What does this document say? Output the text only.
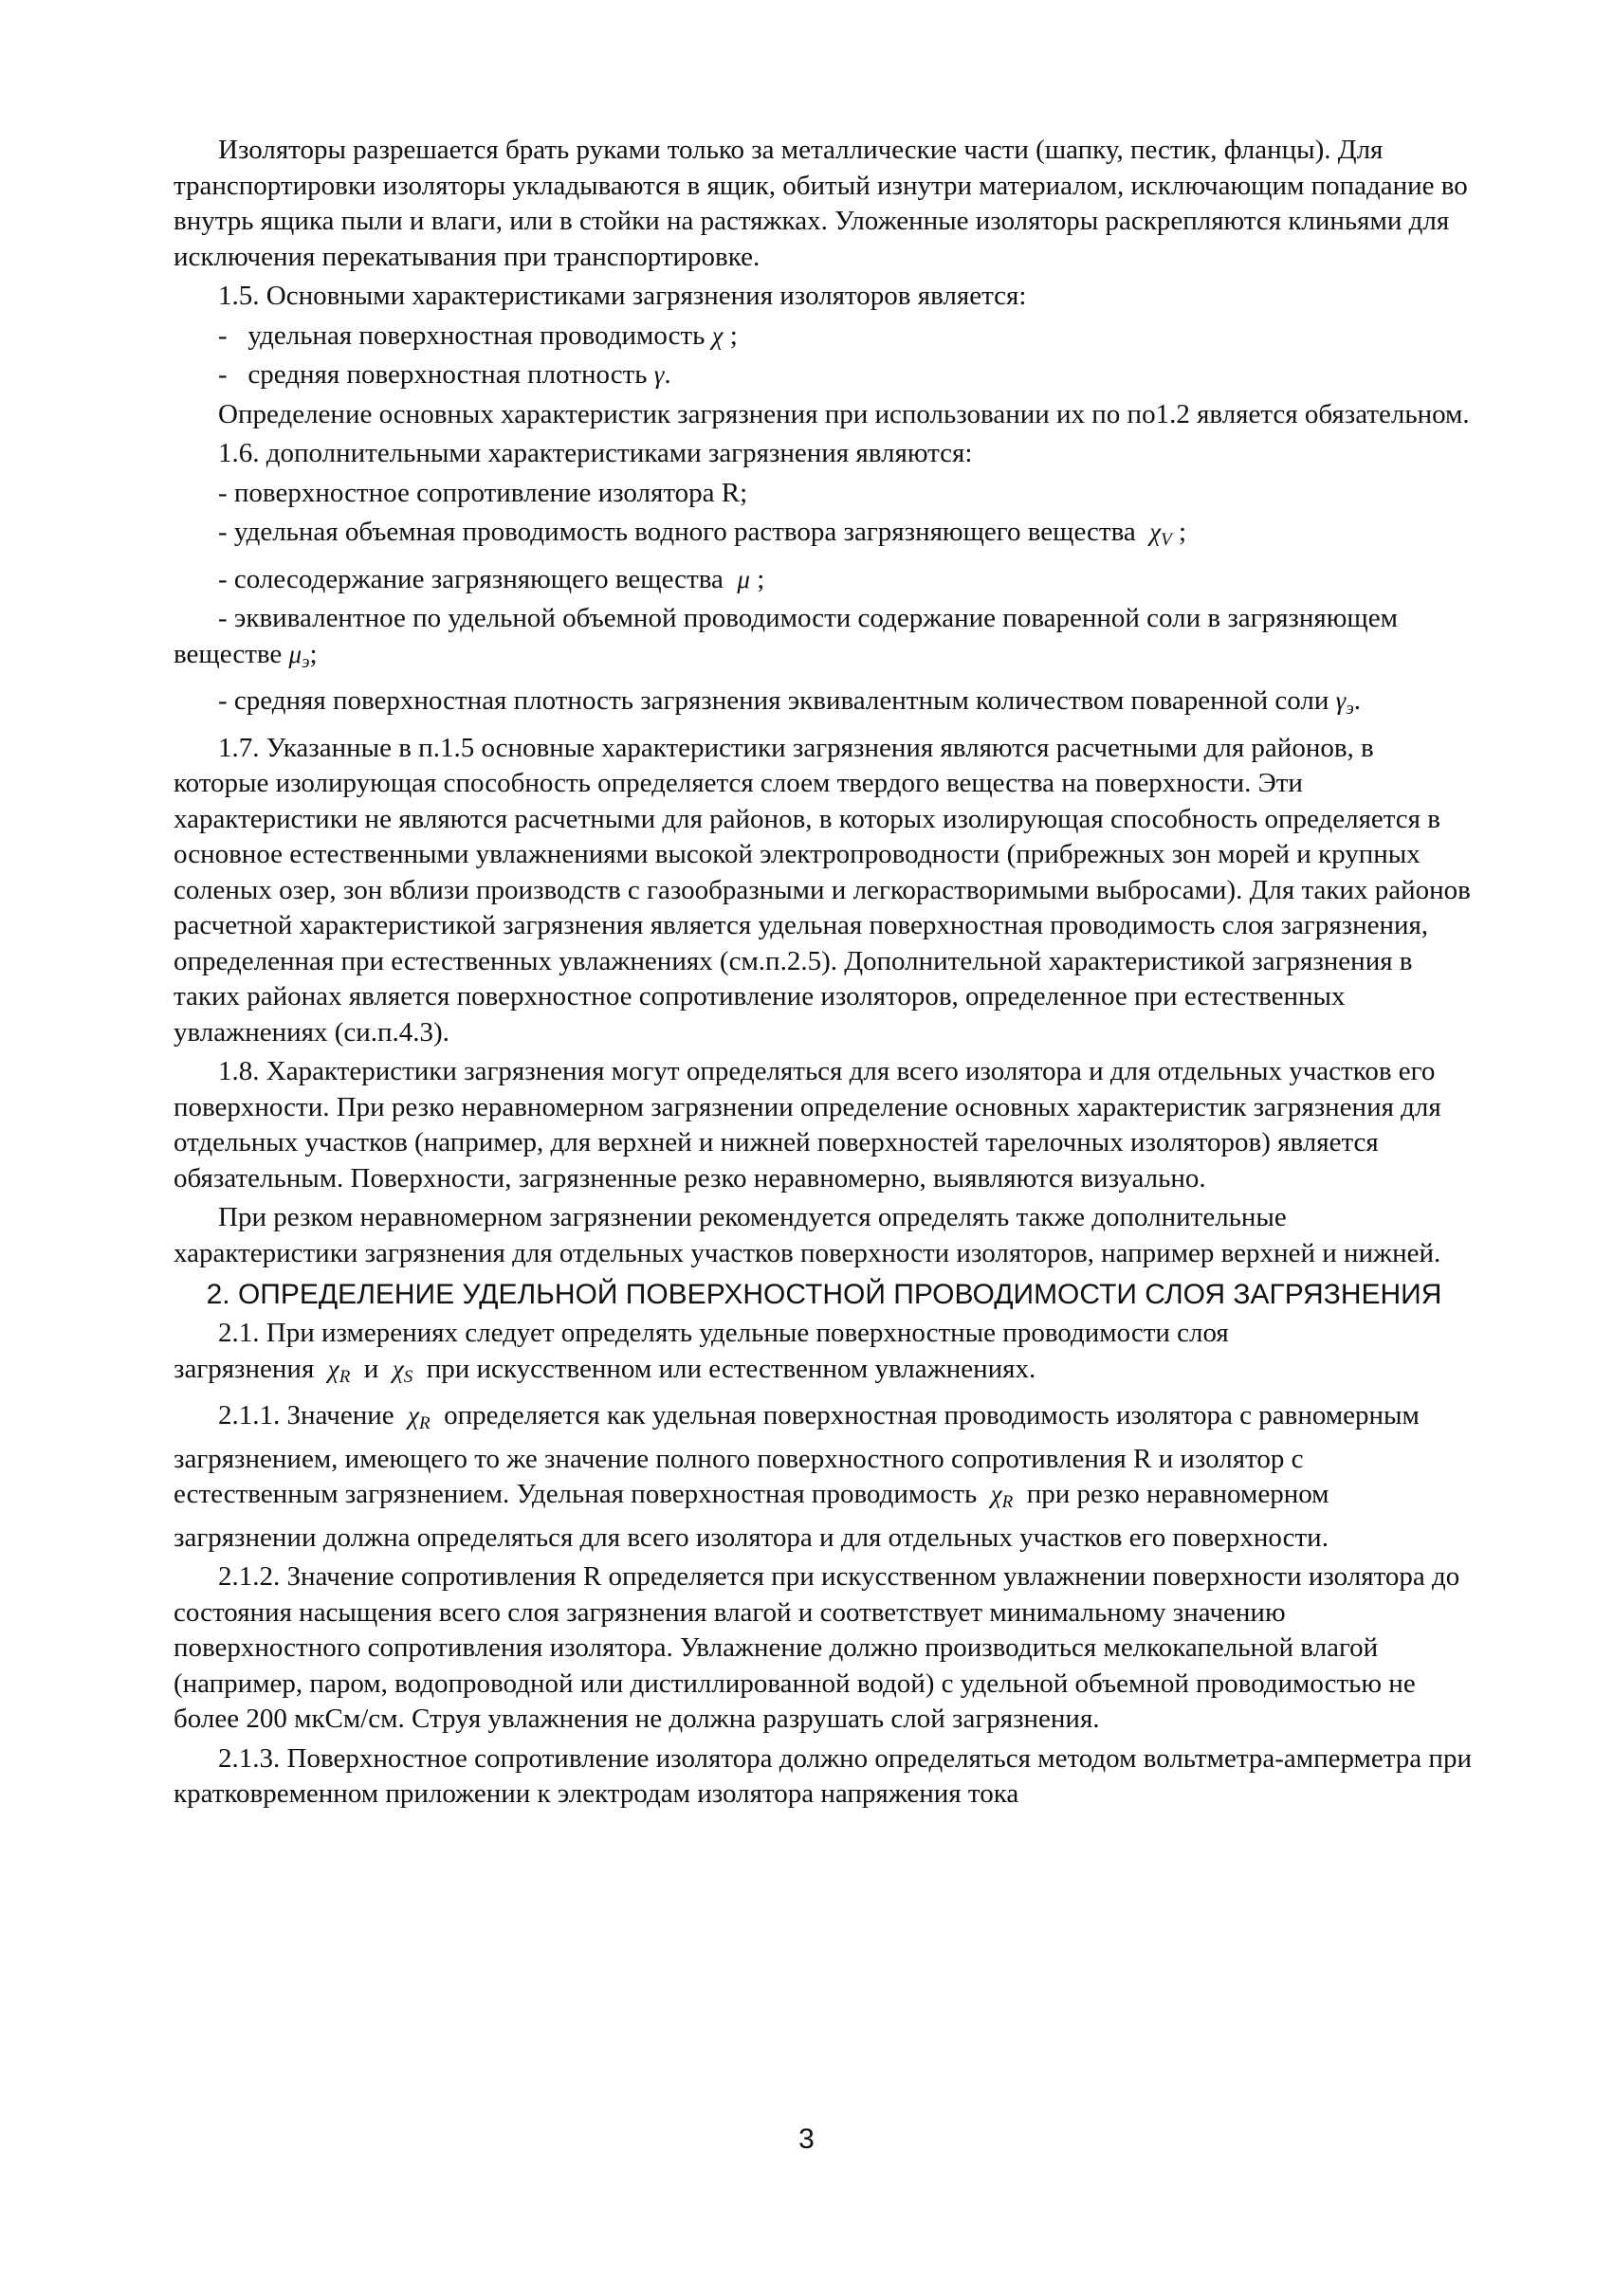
Изоляторы разрешается брать руками только за металлические части (шапку, пестик, фланцы). Для транспортировки изоляторы укладываются в ящик, обитый изнутри материалом, исключающим попадание во внутрь ящика пыли и влаги, или в стойки на растяжках. Уложенные изоляторы раскрепляются клиньями для исключения перекатывания при транспортировке.

1.5. Основными характеристиками загрязнения изоляторов является:

-   удельная поверхностная проводимость χ ;

-   средняя поверхностная плотность γ.

Определение основных характеристик загрязнения при использовании их по по1.2 является обязательном.

1.6. дополнительными характеристиками загрязнения являются:

- поверхностное сопротивление изолятора R;

- удельная объемная проводимость водного раствора загрязняющего вещества $\chi_V$ ;

- солесодержание загрязняющего вещества μ ;

- эквивалентное по удельной объемной проводимости содержание поваренной соли в загрязняющем веществе $\mu_э$;

- средняя поверхностная плотность загрязнения эквивалентным количеством поваренной соли $\gamma_э$.

1.7. Указанные в п.1.5 основные характеристики загрязнения являются расчетными для районов, в которые изолирующая способность определяется слоем твердого вещества на поверхности. Эти характеристики не являются расчетными для районов, в которых изолирующая способность определяется в основное естественными увлажнениями высокой электропроводности (прибрежных зон морей и крупных соленых озер, зон вблизи производств с газообразными и легкорастворимыми выбросами). Для таких районов расчетной характеристикой загрязнения является удельная поверхностная проводимость слоя загрязнения, определенная при естественных увлажнениях (см.п.2.5). Дополнительной характеристикой загрязнения в таких районах является поверхностное сопротивление изоляторов, определенное при естественных увлажнениях (си.п.4.3).

1.8. Характеристики загрязнения могут определяться для всего изолятора и для отдельных участков его поверхности. При резко неравномерном загрязнении определение основных характеристик загрязнения для отдельных участков (например, для верхней и нижней поверхностей тарелочных изоляторов) является обязательным. Поверхности, загрязненные резко неравномерно, выявляются визуально.

При резком неравномерном загрязнении рекомендуется определять также дополнительные характеристики загрязнения для отдельных участков поверхности изоляторов, например верхней и нижней.

2. ОПРЕДЕЛЕНИЕ УДЕЛЬНОЙ ПОВЕРХНОСТНОЙ ПРОВОДИМОСТИ СЛОЯ ЗАГРЯЗНЕНИЯ

2.1. При измерениях следует определять удельные поверхностные проводимости слоя загрязнения $\chi_R$ и $\chi_S$ при искусственном или естественном увлажнениях.

2.1.1. Значение $\chi_R$ определяется как удельная поверхностная проводимость изолятора с равномерным загрязнением, имеющего то же значение полного поверхностного сопротивления R и изолятор с естественным загрязнением. Удельная поверхностная проводимость $\chi_R$ при резко неравномерном загрязнении должна определяться для всего изолятора и для отдельных участков его поверхности.

2.1.2. Значение сопротивления R определяется при искусственном увлажнении поверхности изолятора до состояния насыщения всего слоя загрязнения влагой и соответствует минимальному значению поверхностного сопротивления изолятора. Увлажнение должно производиться мелкокапельной влагой (например, паром, водопроводной или дистиллированной водой) с удельной объемной проводимостью не более 200 мкСм/см. Струя увлажнения не должна разрушать слой загрязнения.

2.1.3. Поверхностное сопротивление изолятора должно определяться методом вольтметра-амперметра при кратковременном приложении к электродам изолятора напряжения тока

3
